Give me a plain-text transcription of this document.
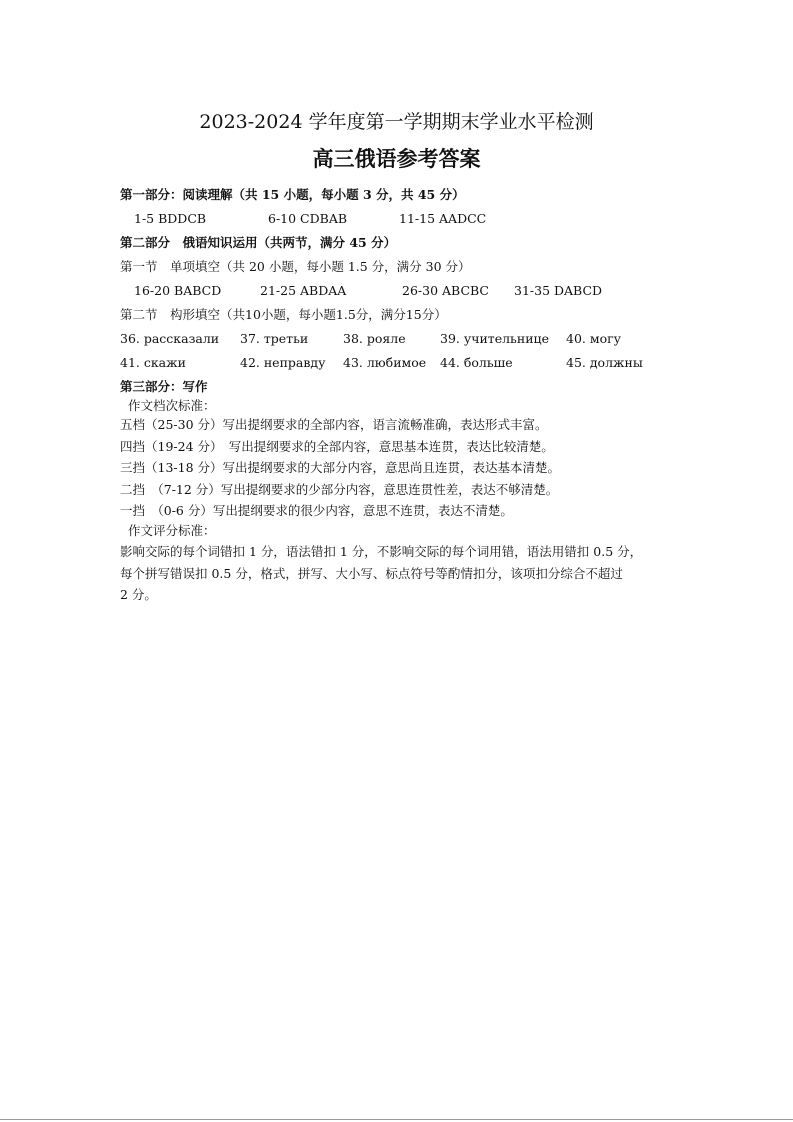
2023-2024 学年度第一学期期末学业水平检测
高三俄语参考答案
第一部分：阅读理解（共 15 小题，每小题 3 分，共 45 分）
1-5 BDDCB	6-10 CDBAB	11-15 AADCC
第二部分　俄语知识运用（共两节，满分 45 分）
第一节　单项填空（共 20 小题，每小题 1.5 分，满分 30 分）
16-20 BABCD	21-25 ABDAA	26-30 ABCBC 31-35 DABCD
第二节　构形填空（共10小题，每小题1.5分，满分15分）
36. рассказали 37. третьи	38. рояле	39. учительнице 40. могу
41. скажи	42. неправду 43. любимое 44. больше	45. должны
第三部分：写作
作文档次标准：
五档（25-30 分）写出提纲要求的全部内容，语言流畅准确，表达形式丰富。
四挡（19-24 分）　写出提纲要求的全部内容，意思基本连贯，表达比较清楚。
三挡（13-18 分）写出提纲要求的大部分内容，意思尚且连贯，表达基本清楚。
二挡　（7-12 分）写出提纲要求的少部分内容，意思连贯性差，表达不够清楚。
一挡　（0-6 分）写出提纲要求的很少内容，意思不连贯，表达不清楚。
作文评分标准：
影响交际的每个词错扣 1 分，语法错扣 1 分，不影响交际的每个词用错，语法用错扣 0.5 分，
每个拼写错误扣 0.5 分，格式，拼写、大小写、标点符号等酌情扣分，该项扣分综合不超过
2 分。
